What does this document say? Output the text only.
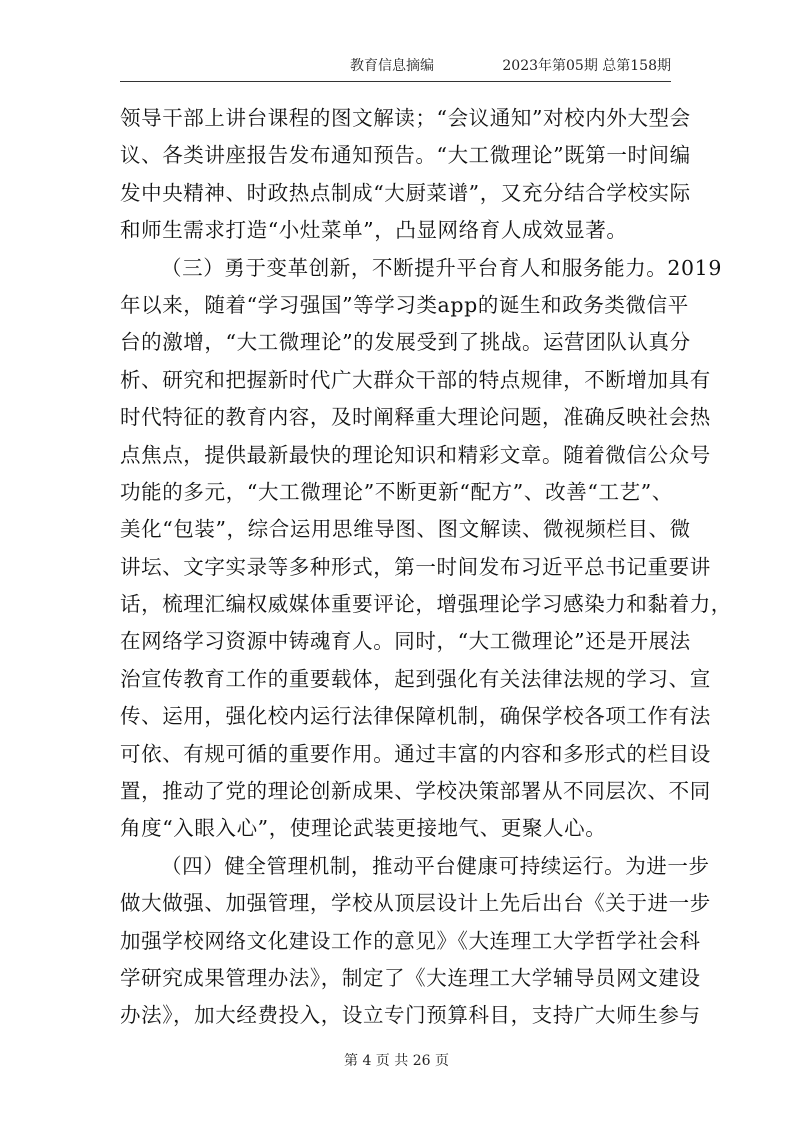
教育信息摘编	2023年第05期 总第158期
领导干部上讲台课程的图文解读；“会议通知”对校内外大型会
议、各类讲座报告发布通知预告。“大工微理论”既第一时间编
发中央精神、时政热点制成“大厨菜谱”，又充分结合学校实际
和师生需求打造“小灶菜单”，凸显网络育人成效显著。
（三）勇于变革创新，不断提升平台育人和服务能力。2019
年以来，随着“学习强国”等学习类app的诞生和政务类微信平
台的激增，“大工微理论”的发展受到了挑战。运营团队认真分
析、研究和把握新时代广大群众干部的特点规律，不断增加具有
时代特征的教育内容，及时阐释重大理论问题，准确反映社会热
点焦点，提供最新最快的理论知识和精彩文章。随着微信公众号
功能的多元，“大工微理论”不断更新“配方”、改善“工艺”、
美化“包装”，综合运用思维导图、图文解读、微视频栏目、微
讲坛、文字实录等多种形式，第一时间发布习近平总书记重要讲
话，梳理汇编权威媒体重要评论，增强理论学习感染力和黏着力，
在网络学习资源中铸魂育人。同时，“大工微理论”还是开展法
治宣传教育工作的重要载体，起到强化有关法律法规的学习、宣
传、运用，强化校内运行法律保障机制，确保学校各项工作有法
可依、有规可循的重要作用。通过丰富的内容和多形式的栏目设
置，推动了党的理论创新成果、学校决策部署从不同层次、不同
角度“入眼入心”，使理论武装更接地气、更聚人心。
（四）健全管理机制，推动平台健康可持续运行。为进一步
做大做强、加强管理，学校从顶层设计上先后出台《关于进一步
加强学校网络文化建设工作的意见》《大连理工大学哲学社会科
学研究成果管理办法》，制定了《大连理工大学辅导员网文建设
办法》，加大经费投入，设立专门预算科目，支持广大师生参与
第 4 页 共 26 页
